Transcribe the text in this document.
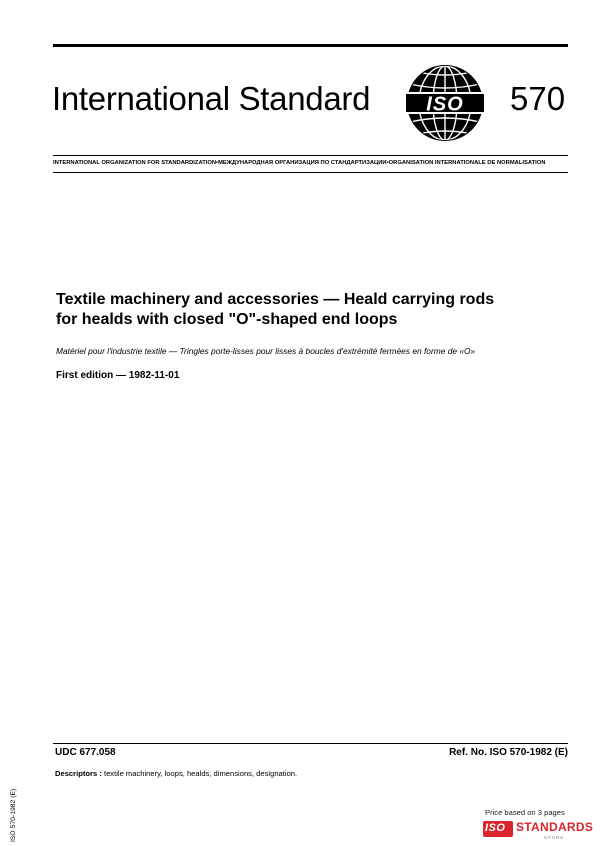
International Standard	ISO 570
INTERNATIONAL ORGANIZATION FOR STANDARDIZATION•МЕЖДУНАРОДНАЯ ОРГАНИЗАЦИЯ ПО СТАНДАРТИЗАЦИИ•ORGANISATION INTERNATIONALE DE NORMALISATION
Textile machinery and accessories — Heald carrying rods
for healds with closed "O"-shaped end loops
Matériel pour l'industrie textile — Tringles porte-lisses pour lisses à boucles d'extrémité fermées en forme de «O»
First edition — 1982-11-01
UDC 677.058	Ref. No. ISO 570-1982 (E)
Descriptors : textile machinery, loops, healds, dimensions, designation.
ISO 570-1982 (E)	Price based on 3 pages
ISO STANDARDS
STORE
